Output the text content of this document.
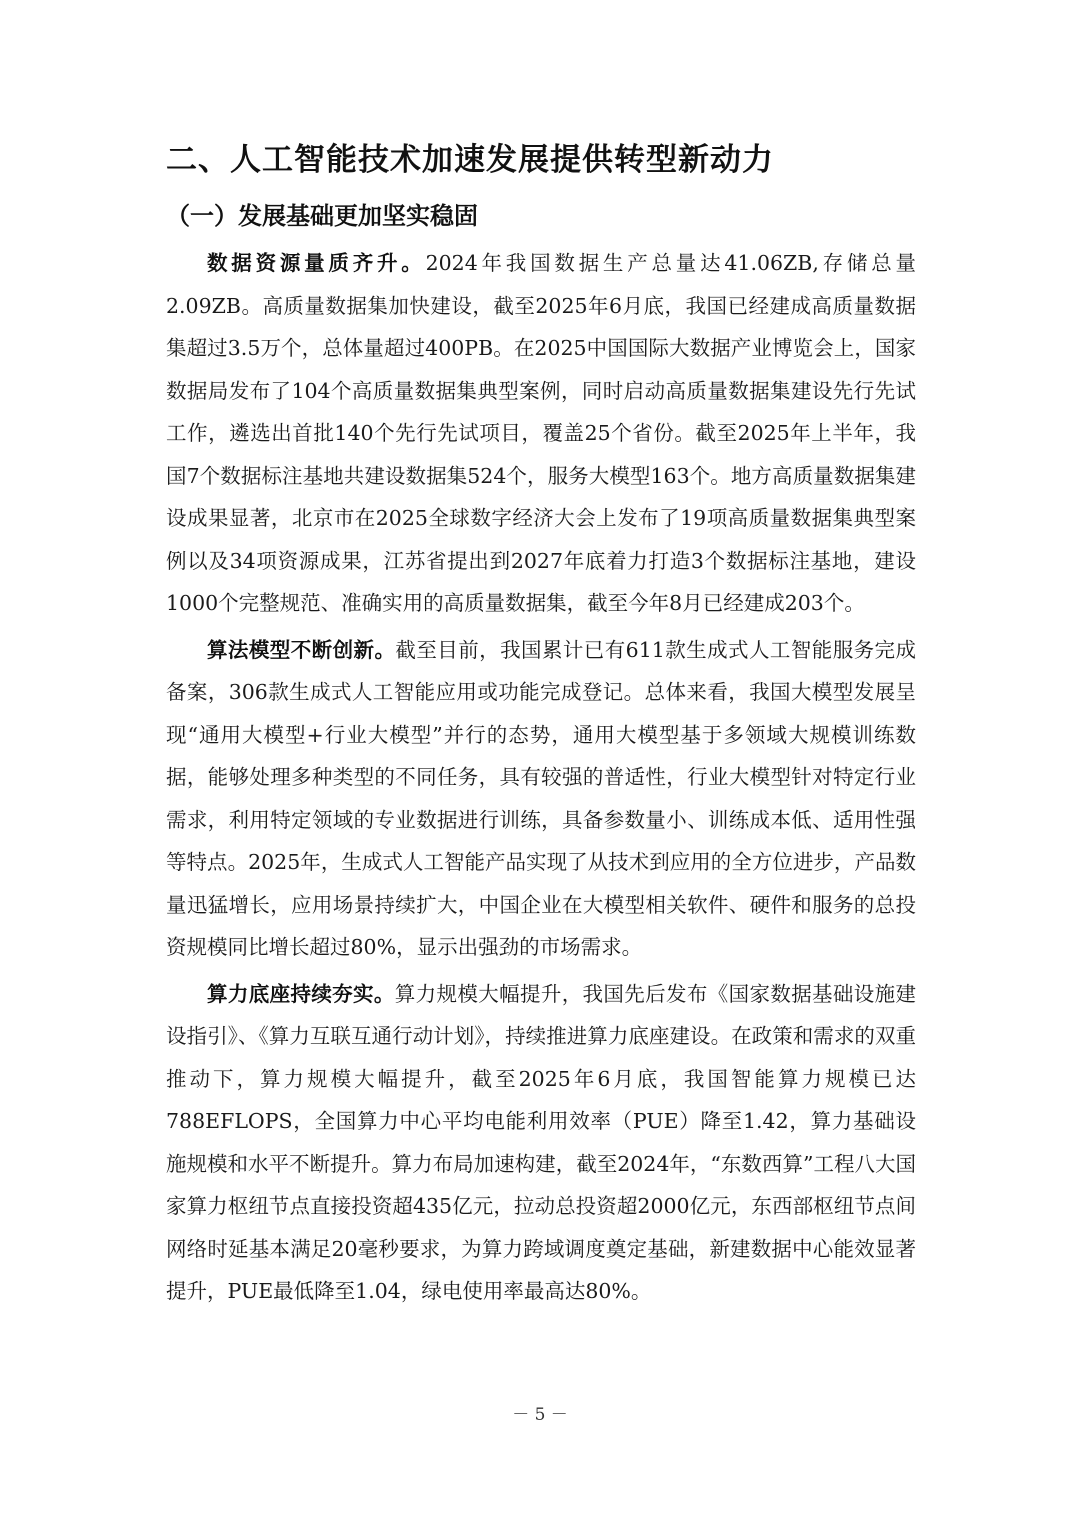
二、人工智能技术加速发展提供转型新动力
（一）发展基础更加坚实稳固

数据资源量质齐升。2024年我国数据生产总量达41.06ZB,存储总量2.09ZB。高质量数据集加快建设，截至2025年6月底，我国已经建成高质量数据集超过3.5万个，总体量超过400PB。在2025中国国际大数据产业博览会上，国家数据局发布了104个高质量数据集典型案例，同时启动高质量数据集建设先行先试工作，遴选出首批140个先行先试项目，覆盖25个省份。截至2025年上半年，我国7个数据标注基地共建设数据集524个，服务大模型163个。地方高质量数据集建设成果显著，北京市在2025全球数字经济大会上发布了19项高质量数据集典型案例以及34项资源成果，江苏省提出到2027年底着力打造3个数据标注基地，建设1000个完整规范、准确实用的高质量数据集，截至今年8月已经建成203个。

算法模型不断创新。截至目前，我国累计已有611款生成式人工智能服务完成备案，306款生成式人工智能应用或功能完成登记。总体来看，我国大模型发展呈现“通用大模型+行业大模型”并行的态势，通用大模型基于多领域大规模训练数据，能够处理多种类型的不同任务，具有较强的普适性，行业大模型针对特定行业需求，利用特定领域的专业数据进行训练，具备参数量小、训练成本低、适用性强等特点。2025年，生成式人工智能产品实现了从技术到应用的全方位进步，产品数量迅猛增长，应用场景持续扩大，中国企业在大模型相关软件、硬件和服务的总投资规模同比增长超过80%，显示出强劲的市场需求。

算力底座持续夯实。算力规模大幅提升，我国先后发布《国家数据基础设施建设指引》、《算力互联互通行动计划》，持续推进算力底座建设。在政策和需求的双重推动下，算力规模大幅提升，截至2025年6月底，我国智能算力规模已达788EFLOPS，全国算力中心平均电能利用效率（PUE）降至1.42，算力基础设施规模和水平不断提升。算力布局加速构建，截至2024年，“东数西算”工程八大国家算力枢纽节点直接投资超435亿元，拉动总投资超2000亿元，东西部枢纽节点间网络时延基本满足20毫秒要求，为算力跨域调度奠定基础，新建数据中心能效显著提升，PUE最低降至1.04，绿电使用率最高达80%。

－ 5 －
